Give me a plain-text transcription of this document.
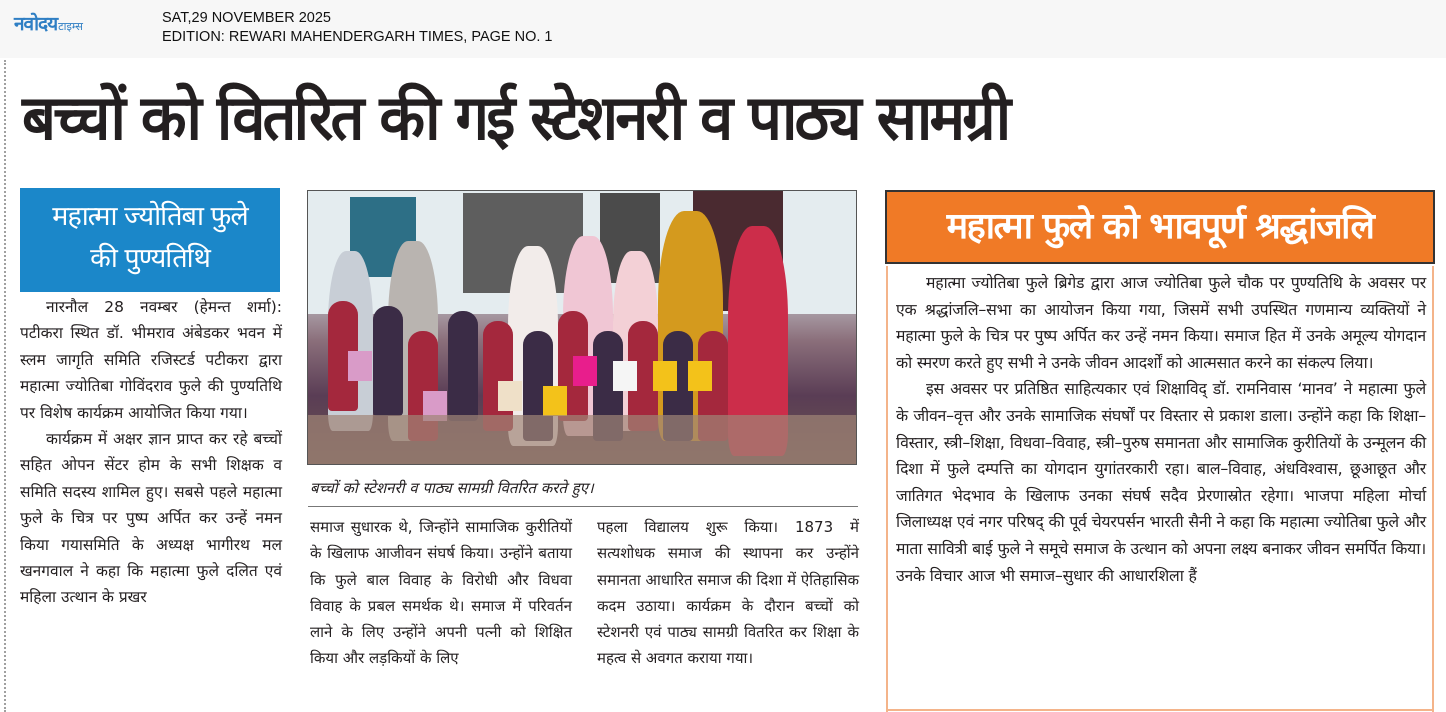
नवोदय टाइम्स
SAT,29 NOVEMBER 2025
EDITION: REWARI MAHENDERGARH TIMES, PAGE NO. 1
बच्चों को वितरित की गई स्टेशनरी व पाठ्य सामग्री
महात्मा ज्योतिबा फुले
की पुण्यतिथि

नारनौल 28 नवम्बर (हेमन्त शर्मा): पटीकरा स्थित डॉ. भीमराव अंबेडकर भवन में स्लम जागृति समिति रजिस्टर्ड पटीकरा द्वारा महात्मा ज्योतिबा गोविंदराव फुले की पुण्यतिथि पर विशेष कार्यक्रम आयोजित किया गया।

कार्यक्रम में अक्षर ज्ञान प्राप्त कर रहे बच्चों सहित ओपन सेंटर होम के सभी शिक्षक व समिति सदस्य शामिल हुए। सबसे पहले महात्मा फुले के चित्र पर पुष्प अर्पित कर उन्हें नमन किया गयासमिति के अध्यक्ष भागीरथ मल खनगवाल ने कहा कि महात्मा फुले दलित एवं महिला उत्थान के प्रखर

बच्चों को स्टेशनरी व पाठ्य सामग्री वितरित करते हुए।
समाज सुधारक थे, जिन्होंने सामाजिक कुरीतियों के खिलाफ आजीवन संघर्ष किया। उन्होंने बताया कि फुले बाल विवाह के विरोधी और विधवा विवाह के प्रबल समर्थक थे। समाज में परिवर्तन लाने के लिए उन्होंने अपनी पत्नी को शिक्षित किया और लड़कियों के लिए
पहला विद्यालय शुरू किया। 1873 में सत्यशोधक समाज की स्थापना कर उन्होंने समानता आधारित समाज की दिशा में ऐतिहासिक कदम उठाया। कार्यक्रम के दौरान बच्चों को स्टेशनरी एवं पाठ्य सामग्री वितरित कर शिक्षा के महत्व से अवगत कराया गया।
महात्मा फुले को भावपूर्ण श्रद्धांजलि

महात्मा ज्योतिबा फुले ब्रिगेड द्वारा आज ज्योतिबा फुले चौक पर पुण्यतिथि के अवसर पर एक श्रद्धांजलि–सभा का आयोजन किया गया, जिसमें सभी उपस्थित गणमान्य व्यक्तियों ने महात्मा फुले के चित्र पर पुष्प अर्पित कर उन्हें नमन किया। समाज हित में उनके अमूल्य योगदान को स्मरण करते हुए सभी ने उनके जीवन आदर्शों को आत्मसात करने का संकल्प लिया।

इस अवसर पर प्रतिष्ठित साहित्यकार एवं शिक्षाविद् डॉ. रामनिवास ‘मानव’ ने महात्मा फुले के जीवन–वृत्त और उनके सामाजिक संघर्षों पर विस्तार से प्रकाश डाला। उन्होंने कहा कि शिक्षा–विस्तार, स्त्री–शिक्षा, विधवा–विवाह, स्त्री–पुरुष समानता और सामाजिक कुरीतियों के उन्मूलन की दिशा में फुले दम्पत्ति का योगदान युगांतरकारी रहा। बाल–विवाह, अंधविश्वास, छूआछूत और जातिगत भेदभाव के खिलाफ उनका संघर्ष सदैव प्रेरणास्रोत रहेगा। भाजपा महिला मोर्चा जिलाध्यक्ष एवं नगर परिषद् की पूर्व चेयरपर्सन भारती सैनी ने कहा कि महात्मा ज्योतिबा फुले और माता सावित्री बाई फुले ने समूचे समाज के उत्थान को अपना लक्ष्य बनाकर जीवन समर्पित किया। उनके विचार आज भी समाज–सुधार की आधारशिला हैं
